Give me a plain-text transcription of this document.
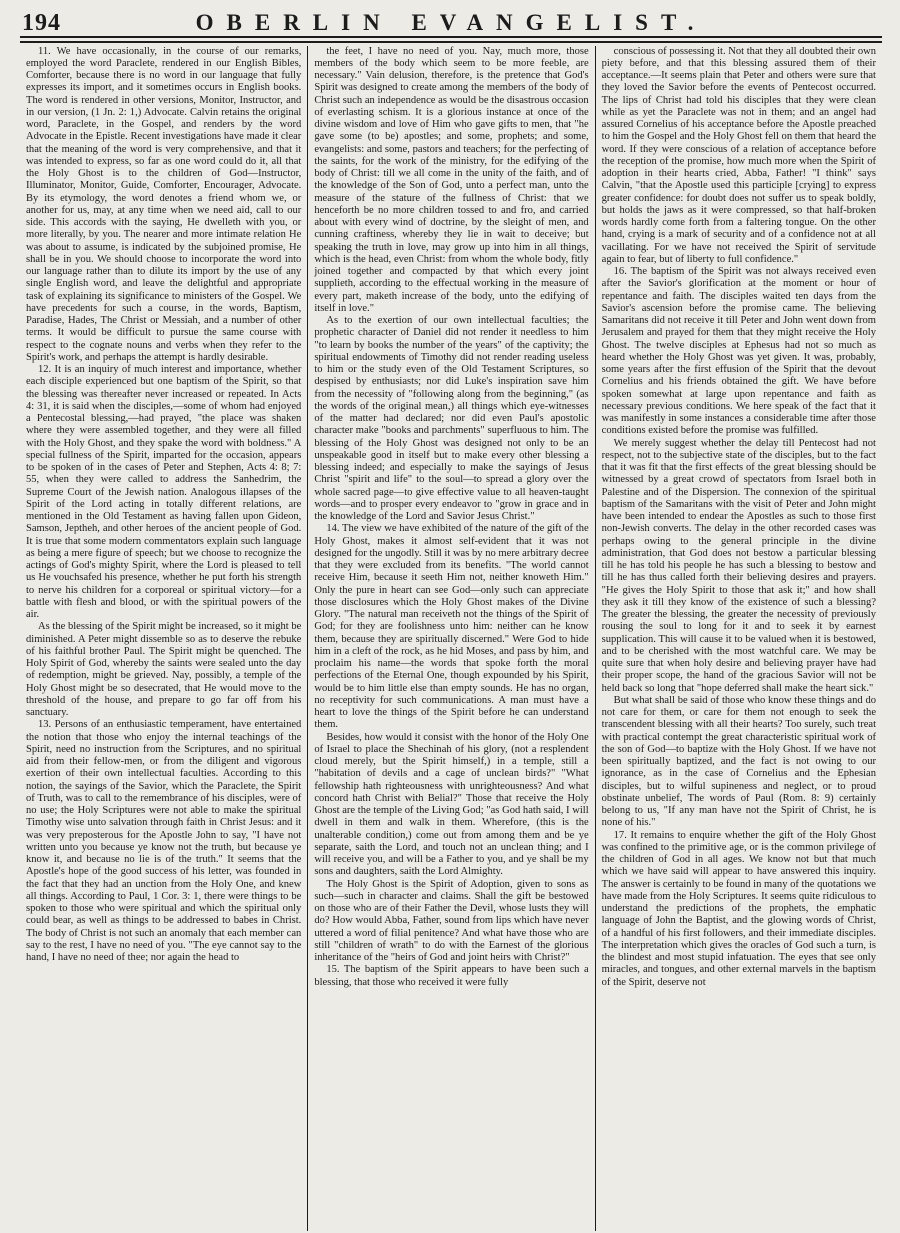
194	OBERLIN EVANGELIST.

11. We have occasionally, in the course of our remarks, employed the word Paraclete, rendered in our English Bibles, Comforter, because there is no word in our language that fully expresses its import, and it sometimes occurs in English books. The word is rendered in other versions, Monitor, Instructor, and in our version, (1 Jn. 2: 1,) Advocate. Calvin retains the original word, Paraclete, in the Gospel, and renders by the word Advocate in the Epistle. Recent investigations have made it clear that the meaning of the word is very comprehensive, and that it was intended to express, so far as one word could do it, all that the Holy Ghost is to the children of God—Instructor, Illuminator, Monitor, Guide, Comforter, Encourager, Advocate. By its etymology, the word denotes a friend whom we, or another for us, may, at any time when we need aid, call to our side. This accords with the saying, He dwelleth with you, or more literally, by you. The nearer and more intimate relation He was about to assume, is indicated by the subjoined promise, He shall be in you. We should choose to incorporate the word into our language rather than to dilute its import by the use of any single English word, and leave the delightful and appropriate task of explaining its significance to ministers of the Gospel. We have precedents for such a course, in the words, Baptism, Paradise, Hades, The Christ or Messiah, and a number of other terms. It would be difficult to pursue the same course with respect to the cognate nouns and verbs when they refer to the Spirit's work, and perhaps the attempt is hardly desirable.

12. It is an inquiry of much interest and importance, whether each disciple experienced but one baptism of the Spirit, so that the blessing was thereafter never increased or repeated. In Acts 4: 31, it is said when the disciples,—some of whom had enjoyed a Pentecostal blessing,—had prayed, "the place was shaken where they were assembled together, and they were all filled with the Holy Ghost, and they spake the word with boldness." A special fullness of the Spirit, imparted for the occasion, appears to be spoken of in the cases of Peter and Stephen, Acts 4: 8; 7: 55, when they were called to address the Sanhedrim, the Supreme Court of the Jewish nation. Analogous illapses of the Spirit of the Lord acting in totally different relations, are mentioned in the Old Testament as having fallen upon Gideon, Samson, Jeptheh, and other heroes of the ancient people of God. It is true that some modern commentators explain such language as being a mere figure of speech; but we choose to recognize the actings of God's mighty Spirit, where the Lord is pleased to tell us He vouchsafed his presence, whether he put forth his strength to nerve his children for a corporeal or spiritual victory—for a battle with flesh and blood, or with the spiritual powers of the air.

As the blessing of the Spirit might be increased, so it might be diminished. A Peter might dissemble so as to deserve the rebuke of his faithful brother Paul. The Spirit might be quenched. The Holy Spirit of God, whereby the saints were sealed unto the day of redemption, might be grieved. Nay, possibly, a temple of the Holy Ghost might be so desecrated, that He would move to the threshold of the house, and prepare to go far off from his sanctuary.

13. Persons of an enthusiastic temperament, have entertained the notion that those who enjoy the internal teachings of the Spirit, need no instruction from the Scriptures, and no spiritual aid from their fellow-men, or from the diligent and vigorous exertion of their own intellectual faculties. According to this notion, the sayings of the Savior, which the Paraclete, the Spirit of Truth, was to call to the remembrance of his disciples, were of no use; the Holy Scriptures were not able to make the spiritual Timothy wise unto salvation through faith in Christ Jesus: and it was very preposterous for the Apostle John to say, "I have not written unto you because ye know not the truth, but because ye know it, and because no lie is of the truth." It seems that the Apostle's hope of the good success of his letter, was founded in the fact that they had an unction from the Holy One, and knew all things. According to Paul, 1 Cor. 3: 1, there were things to be spoken to those who were spiritual and which the spiritual only could bear, as well as things to be addressed to babes in Christ. The body of Christ is not such an anomaly that each member can say to the rest, I have no need of you. "The eye cannot say to the hand, I have no need of thee; nor again the head to

the feet, I have no need of you. Nay, much more, those members of the body which seem to be more feeble, are necessary." Vain delusion, therefore, is the pretence that God's Spirit was designed to create among the members of the body of Christ such an independence as would be the disastrous occasion of everlasting schism. It is a glorious instance at once of the divine wisdom and love of Him who gave gifts to men, that "he gave some (to be) apostles; and some, prophets; and some, evangelists: and some, pastors and teachers; for the perfecting of the saints, for the work of the ministry, for the edifying of the body of Christ: till we all come in the unity of the faith, and of the knowledge of the Son of God, unto a perfect man, unto the measure of the stature of the fullness of Christ: that we henceforth be no more children tossed to and fro, and carried about with every wind of doctrine, by the sleight of men, and cunning craftiness, whereby they lie in wait to deceive; but speaking the truth in love, may grow up into him in all things, which is the head, even Christ: from whom the whole body, fitly joined together and compacted by that which every joint supplieth, according to the effectual working in the measure of every part, maketh increase of the body, unto the edifying of itself in love."

As to the exertion of our own intellectual faculties; the prophetic character of Daniel did not render it needless to him "to learn by books the number of the years" of the captivity; the spiritual endowments of Timothy did not render reading useless to him or the study even of the Old Testament Scriptures, so despised by enthusiasts; nor did Luke's inspiration save him from the necessity of "following along from the beginning," (as the words of the original mean,) all things which eye-witnesses of the matter had declared; nor did even Paul's apostolic character make "books and parchments" superfluous to him. The blessing of the Holy Ghost was designed not only to be an unspeakable good in itself but to make every other blessing a blessing indeed; and especially to make the sayings of Jesus Christ "spirit and life" to the soul—to spread a glory over the whole sacred page—to give effective value to all heaven-taught words—and to prosper every endeavor to "grow in grace and in the knowledge of the Lord and Savior Jesus Christ."

14. The view we have exhibited of the nature of the gift of the Holy Ghost, makes it almost self-evident that it was not designed for the ungodly. Still it was by no mere arbitrary decree that they were excluded from its benefits. "The world cannot receive Him, because it seeth Him not, neither knoweth Him." Only the pure in heart can see God—only such can appreciate those disclosures which the Holy Ghost makes of the Divine Glory. "The natural man receiveth not the things of the Spirit of God; for they are foolishness unto him: neither can he know them, because they are spiritually discerned." Were God to hide him in a cleft of the rock, as he hid Moses, and pass by him, and proclaim his name—the words that spoke forth the moral perfections of the Eternal One, though expounded by his Spirit, would be to him little else than empty sounds. He has no organ, no receptivity for such communications. A man must have a heart to love the things of the Spirit before he can understand them.

Besides, how would it consist with the honor of the Holy One of Israel to place the Shechinah of his glory, (not a resplendent cloud merely, but the Spirit himself,) in a temple, still a "habitation of devils and a cage of unclean birds?" "What fellowship hath righteousness with unrighteousness? And what concord hath Christ with Belial?" Those that receive the Holy Ghost are the temple of the Living God; "as God hath said, I will dwell in them and walk in them. Wherefore, (this is the unalterable condition,) come out from among them and be ye separate, saith the Lord, and touch not an unclean thing; and I will receive you, and will be a Father to you, and ye shall be my sons and daughters, saith the Lord Almighty.

The Holy Ghost is the Spirit of Adoption, given to sons as such—such in character and claims. Shall the gift be bestowed on those who are of their Father the Devil, whose lusts they will do? How would Abba, Father, sound from lips which have never uttered a word of filial penitence? And what have those who are still "children of wrath" to do with the Earnest of the glorious inheritance of the "heirs of God and joint heirs with Christ?"

15. The baptism of the Spirit appears to have been such a blessing, that those who received it were fully

conscious of possessing it. Not that they all doubted their own piety before, and that this blessing assured them of their acceptance.—It seems plain that Peter and others were sure that they loved the Savior before the events of Pentecost occurred. The lips of Christ had told his disciples that they were clean while as yet the Paraclete was not in them; and an angel had assured Cornelius of his acceptance before the Apostle preached to him the Gospel and the Holy Ghost fell on them that heard the word. If they were conscious of a relation of acceptance before the reception of the promise, how much more when the Spirit of adoption in their hearts cried, Abba, Father! "I think" says Calvin, "that the Apostle used this participle [crying] to express greater confidence: for doubt does not suffer us to speak boldly, but holds the jaws as it were compressed, so that half-broken words hardly come forth from a faltering tongue. On the other hand, crying is a mark of security and of a confidence not at all vacillating. For we have not received the Spirit of servitude again to fear, but of liberty to full confidence."

16. The baptism of the Spirit was not always received even after the Savior's glorification at the moment or hour of repentance and faith. The disciples waited ten days from the Savior's ascension before the promise came. The believing Samaritans did not receive it till Peter and John went down from Jerusalem and prayed for them that they might receive the Holy Ghost. The twelve disciples at Ephesus had not so much as heard whether the Holy Ghost was yet given. It was, probably, some years after the first effusion of the Spirit that the devout Cornelius and his friends obtained the gift. We have before spoken somewhat at large upon repentance and faith as necessary previous conditions. We here speak of the fact that it was manifestly in some instances a considerable time after those conditions existed before the promise was fulfilled.

We merely suggest whether the delay till Pentecost had not respect, not to the subjective state of the disciples, but to the fact that it was fit that the first effects of the great blessing should be witnessed by a great crowd of spectators from Israel both in Palestine and of the Dispersion. The connexion of the spiritual baptism of the Samaritans with the visit of Peter and John might have been intended to endear the Apostles as such to those first non-Jewish converts. The delay in the other recorded cases was perhaps owing to the general principle in the divine administration, that God does not bestow a particular blessing till he has told his people he has such a blessing to bestow and till he has thus called forth their believing desires and prayers. "He gives the Holy Spirit to those that ask it;" and how shall they ask it till they know of the existence of such a blessing? The greater the blessing, the greater the necessity of previously rousing the soul to long for it and to seek it by earnest supplication. This will cause it to be valued when it is bestowed, and to be cherished with the most watchful care. We may be quite sure that when holy desire and believing prayer have had their proper scope, the hand of the gracious Savior will not be held back so long that "hope deferred shall make the heart sick."

But what shall be said of those who know these things and do not care for them, or care for them not enough to seek the transcendent blessing with all their hearts? Too surely, such treat with practical contempt the great characteristic spiritual work of the son of God—to baptize with the Holy Ghost. If we have not been spiritually baptized, and the fact is not owing to our ignorance, as in the case of Cornelius and the Ephesian disciples, but to wilful supineness and neglect, or to proud obstinate unbelief, The words of Paul (Rom. 8: 9) certainly belong to us, "If any man have not the Spirit of Christ, he is none of his."

17. It remains to enquire whether the gift of the Holy Ghost was confined to the primitive age, or is the common privilege of the children of God in all ages. We know not but that much which we have said will appear to have answered this inquiry. The answer is certainly to be found in many of the quotations we have made from the Holy Scriptures. It seems quite ridiculous to understand the predictions of the prophets, the emphatic language of John the Baptist, and the glowing words of Christ, of a handful of his first followers, and their immediate disciples. The interpretation which gives the oracles of God such a turn, is the blindest and most stupid infatuation. The eyes that see only miracles, and tongues, and other external marvels in the baptism of the Spirit, deserve not
